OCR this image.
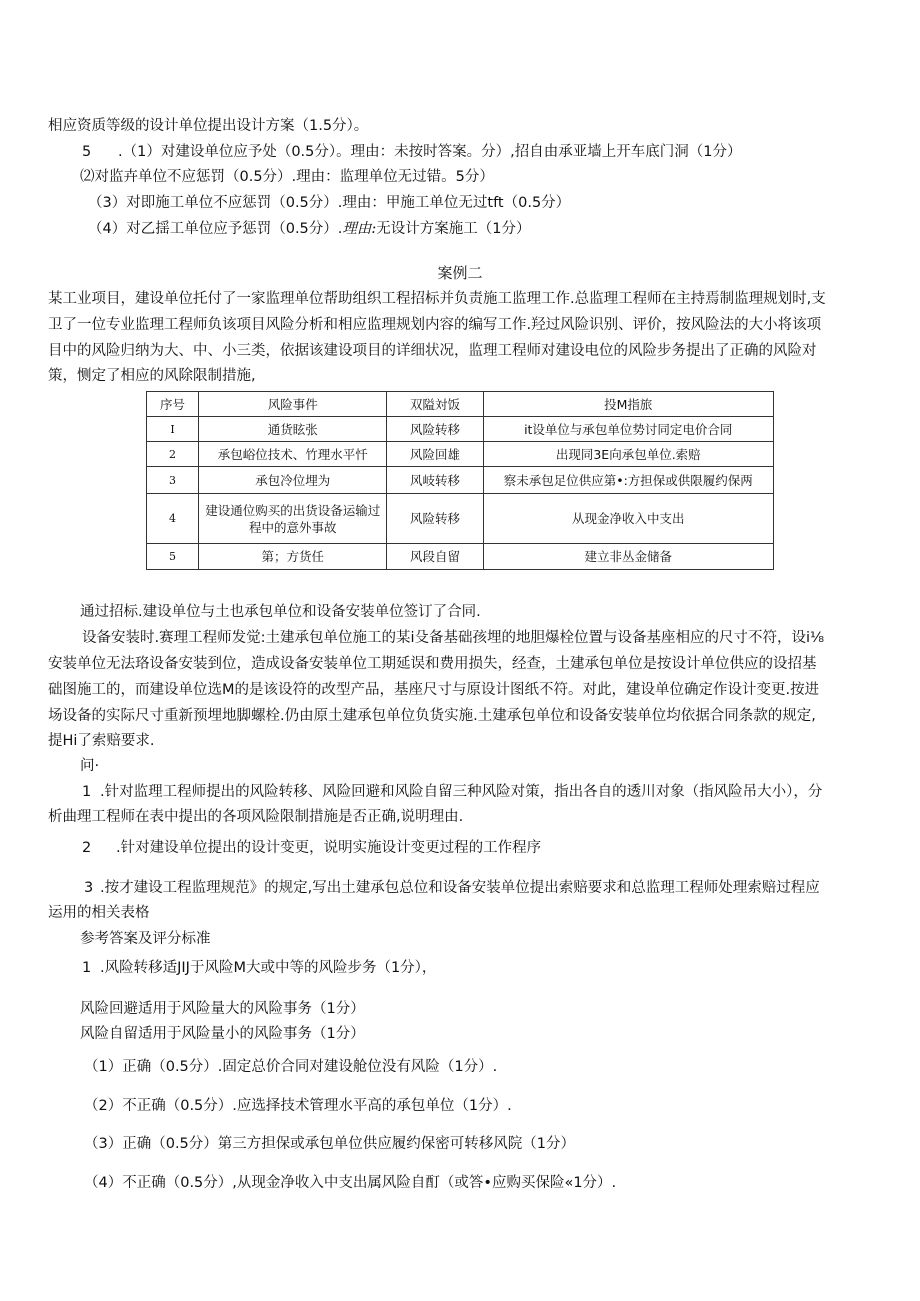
相应资质等级的设计单位提出设计方案（1.5分）。
5 .（1）对建设单位应予处（0.5分）。理由：未按时答案。分）,招自由承亚墙上开车底门洞（1分）
⑵对监卉单位不应惩罚（0.5分）.理由：监理单位无过错。5分）
（3）对即施工单位不应惩罚（0.5分）.理由：甲施工单位无过tft（0.5分）
（4）对乙揺工单位应予惩罚（0.5分）.理由:无设计方案施工（1分）
案例二
某工业项目，建设单位托付了一家监理单位帮助组织工程招标并负责施工监理工作.总监理工程师在主持焉制监理规划时,支
卫了一位专业监理工程师负该项目风险分析和相应监理规划内容的编写工作.羟过风险识别、评价，按风险法的大小将该项
目中的风险归纳为大、中、小三类，依据该建设项目的详细状况，监理工程师对建设电位的风险步务提出了正确的风险对
策，恻定了相应的风除限制措施,
序号	风险事件	双隘対饭	投M指旅
I	通货眩张	风险转移	it设单位与承包单位势讨同定电价合同
2	承包峪位技术、竹理水平忏	风险回雄	出现同3E向承包单位.索赔
3	承包冷位埋为	风岐转移	察未承包足位供应第•:方担保或供限履约保两
4	建设通位购买的出货设备运输过程中的意外事故	风险转移	从现金净收入中支出
5	第；方货任	风段自留	建立非丛金储备
通过招标.建设单位与土也承包单位和设备安装单位签订了合同.
设备安装时.赛理工程师发觉:土建承包单位施工的某i殳备基础孩埋的地胆爆栓位置与设备基座相应的尺寸不符，设i⅛
安装单位无法珞设备安装到位，造成设备安装单位工期延误和费用损失，经查，土建承包单位是按设计单位供应的设招基
础图施工的，而建设单位选M的是该设符的改型产品，基座尺寸与原设计图纸不符。对此，建设单位确定作设计变更.按进
场设备的实际尺寸重新预埋地脚螺栓.仍由原土建承包单位负货实施.土建承包单位和设备安装单位均依据合同条款的规定,
提Hi了索赔要求.
问·
1 .针对监理工程师提出的风险转移、风险回避和风险自留三种风险对策，指出各自的透川对象（指风险吊大小），分
析曲理工程师在表中提出的各项风险限制措施是否正确,说明理由.
2 .针对建设单位提出的设计变更，说明实施设计变更过程的工作程序
3 .按才建设工程监理规范》的规定,写出土建承包总位和设备安装单位提出索赔要求和总监理工程师处理索赔过程应
运用的相关表格
参考答案及评分标准
1 .风险转移适JIJ于风险M大或中等的风险步务（1分），
风险回避适用于风险量大的风险事务（1分）
风险自留适用于风险量小的风险事务（1分）
（1）正确（0.5分）.固定总价合同对建设舱位没有风险（1分）.
（2）不正确（0.5分）.应选择技术管理水平高的承包单位（1分）.
（3）正确（0.5分）第三方担保或承包单位供应履约保密可转移风院（1分）
（4）不正确（0.5分）,从现金净收入中支出属风险自酊（或答•应购买保险«1分）.
